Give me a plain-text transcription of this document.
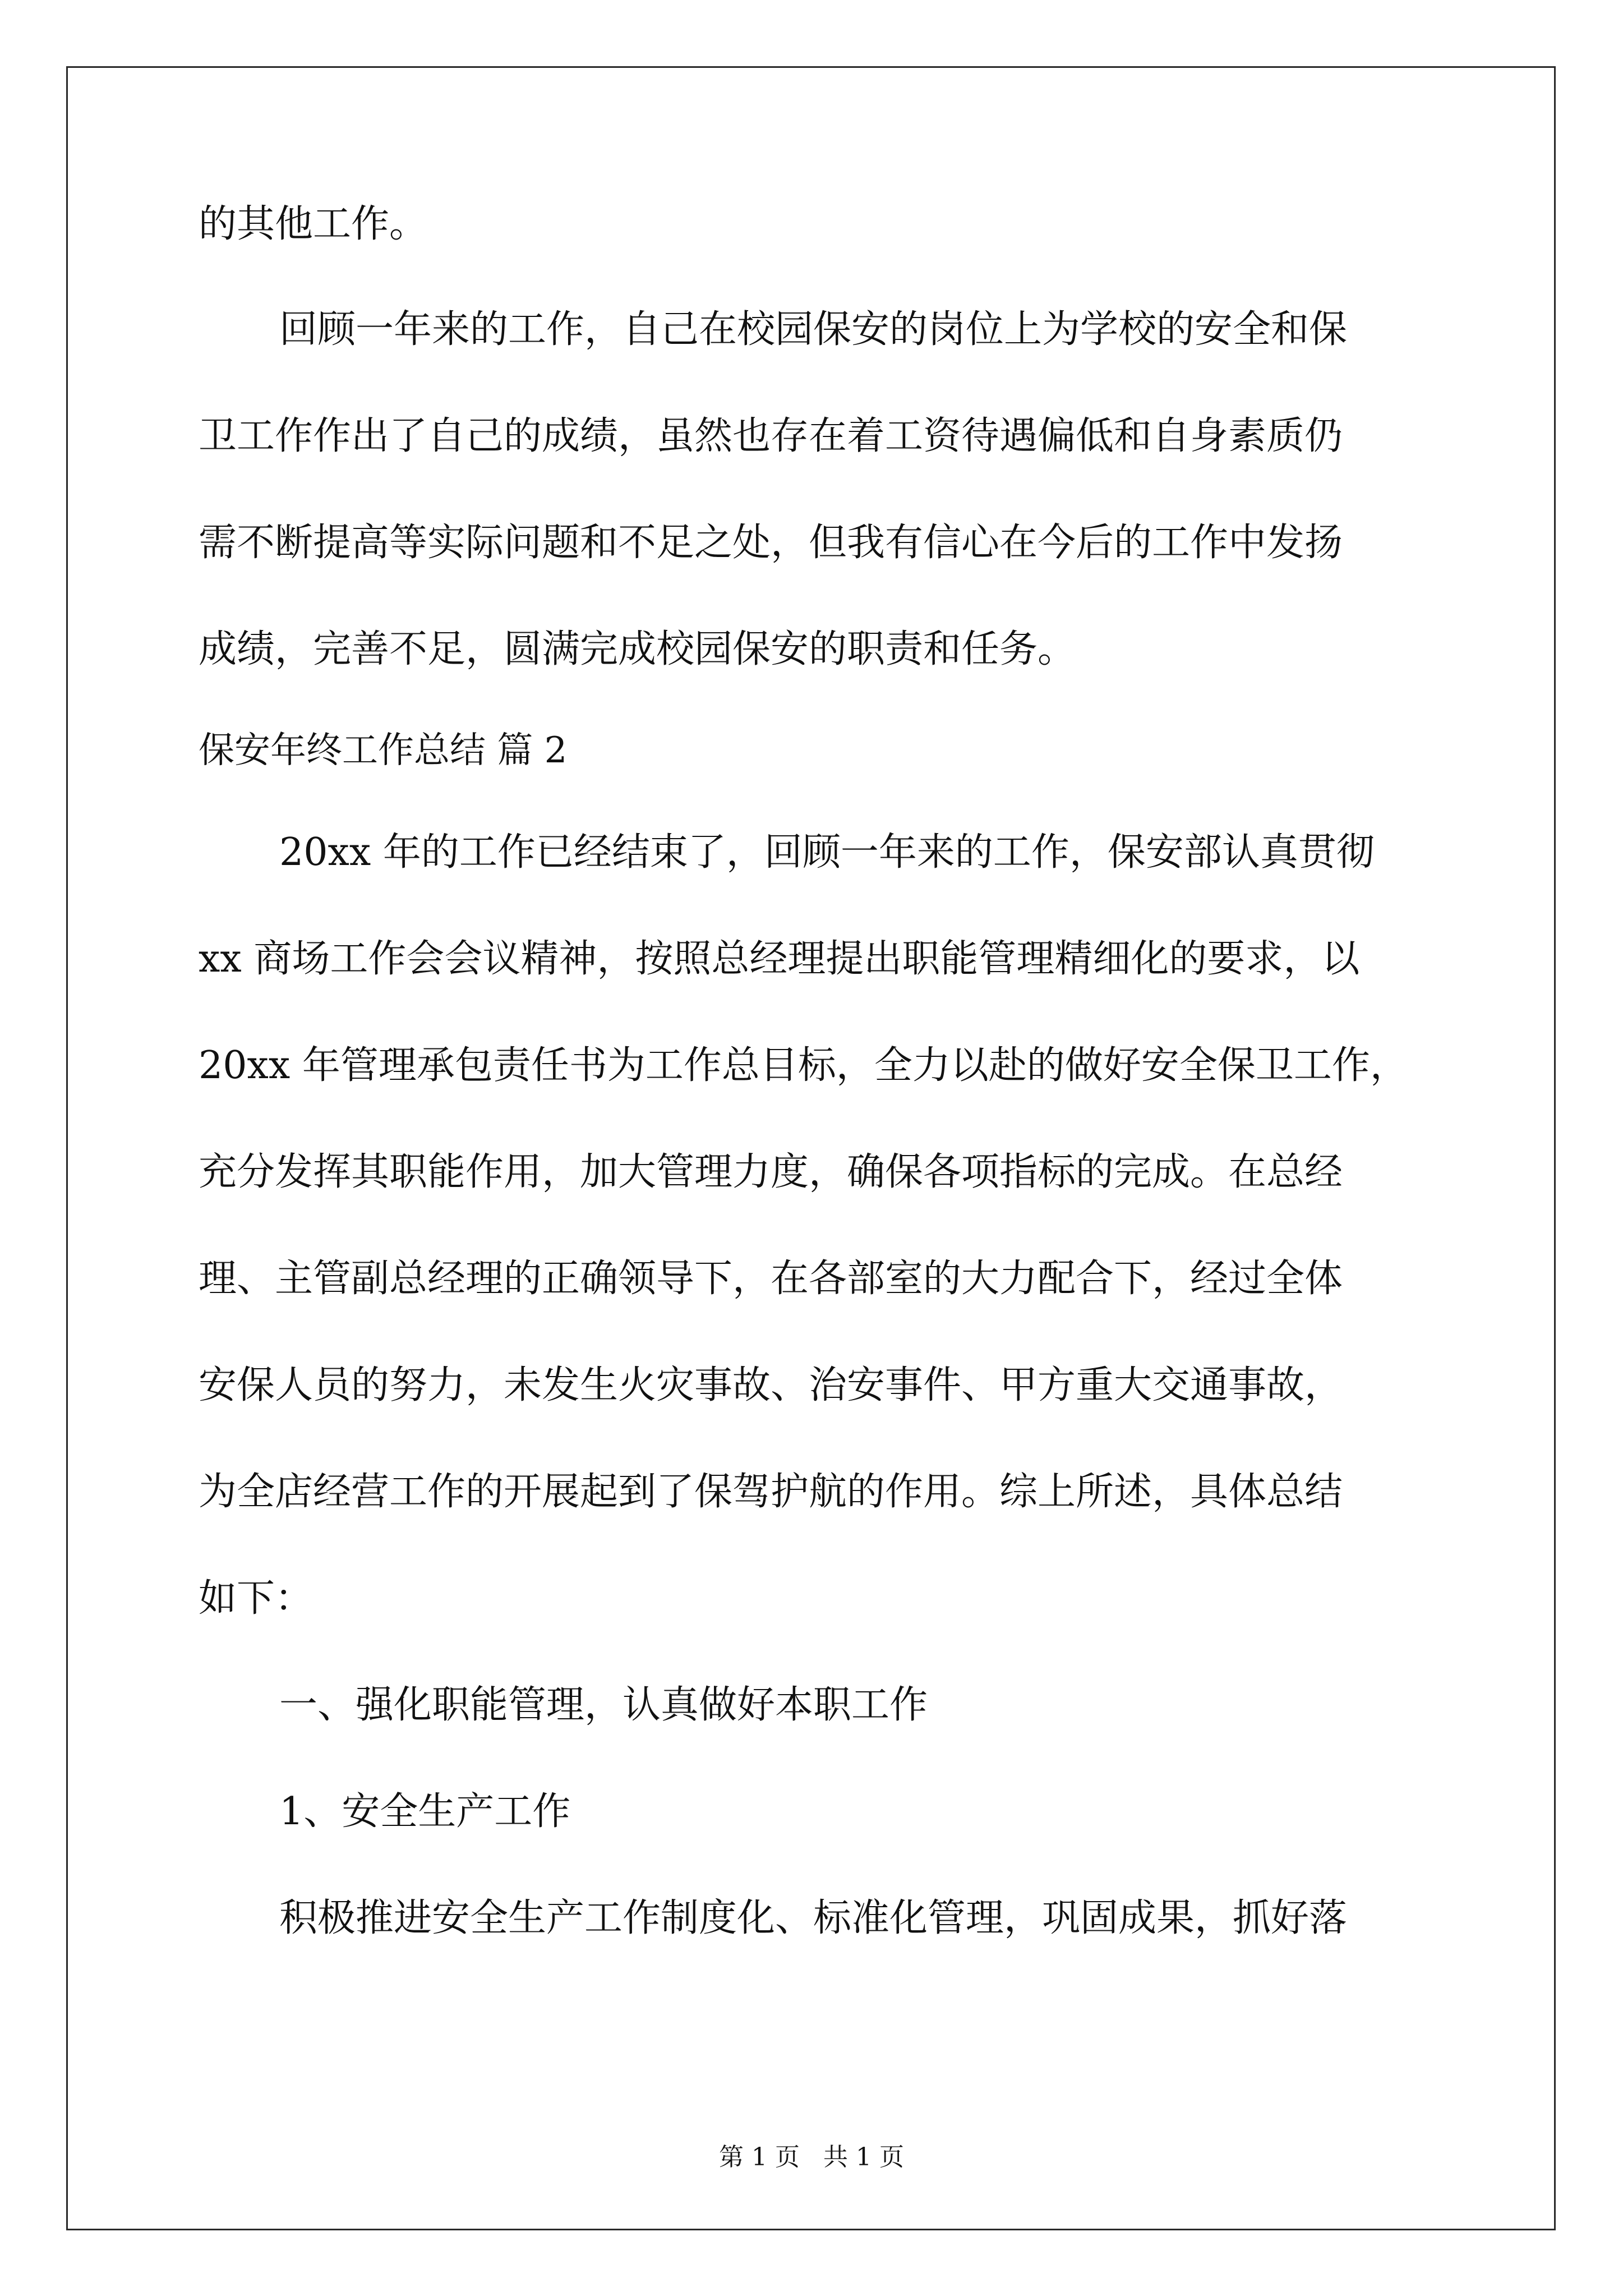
的其他工作。

回顾一年来的工作，自己在校园保安的岗位上为学校的安全和保

卫工作作出了自己的成绩，虽然也存在着工资待遇偏低和自身素质仍

需不断提高等实际问题和不足之处，但我有信心在今后的工作中发扬

成绩，完善不足，圆满完成校园保安的职责和任务。

保安年终工作总结 篇 2

20xx 年的工作已经结束了，回顾一年来的工作，保安部认真贯彻

xx 商场工作会会议精神，按照总经理提出职能管理精细化的要求，以

20xx 年管理承包责任书为工作总目标，全力以赴的做好安全保卫工作，

充分发挥其职能作用，加大管理力度，确保各项指标的完成。在总经

理、主管副总经理的正确领导下，在各部室的大力配合下，经过全体

安保人员的努力，未发生火灾事故、治安事件、甲方重大交通事故，

为全店经营工作的开展起到了保驾护航的作用。综上所述，具体总结

如下：

一、强化职能管理，认真做好本职工作

1、安全生产工作

积极推进安全生产工作制度化、标准化管理，巩固成果，抓好落

第 1 页   共 1 页
